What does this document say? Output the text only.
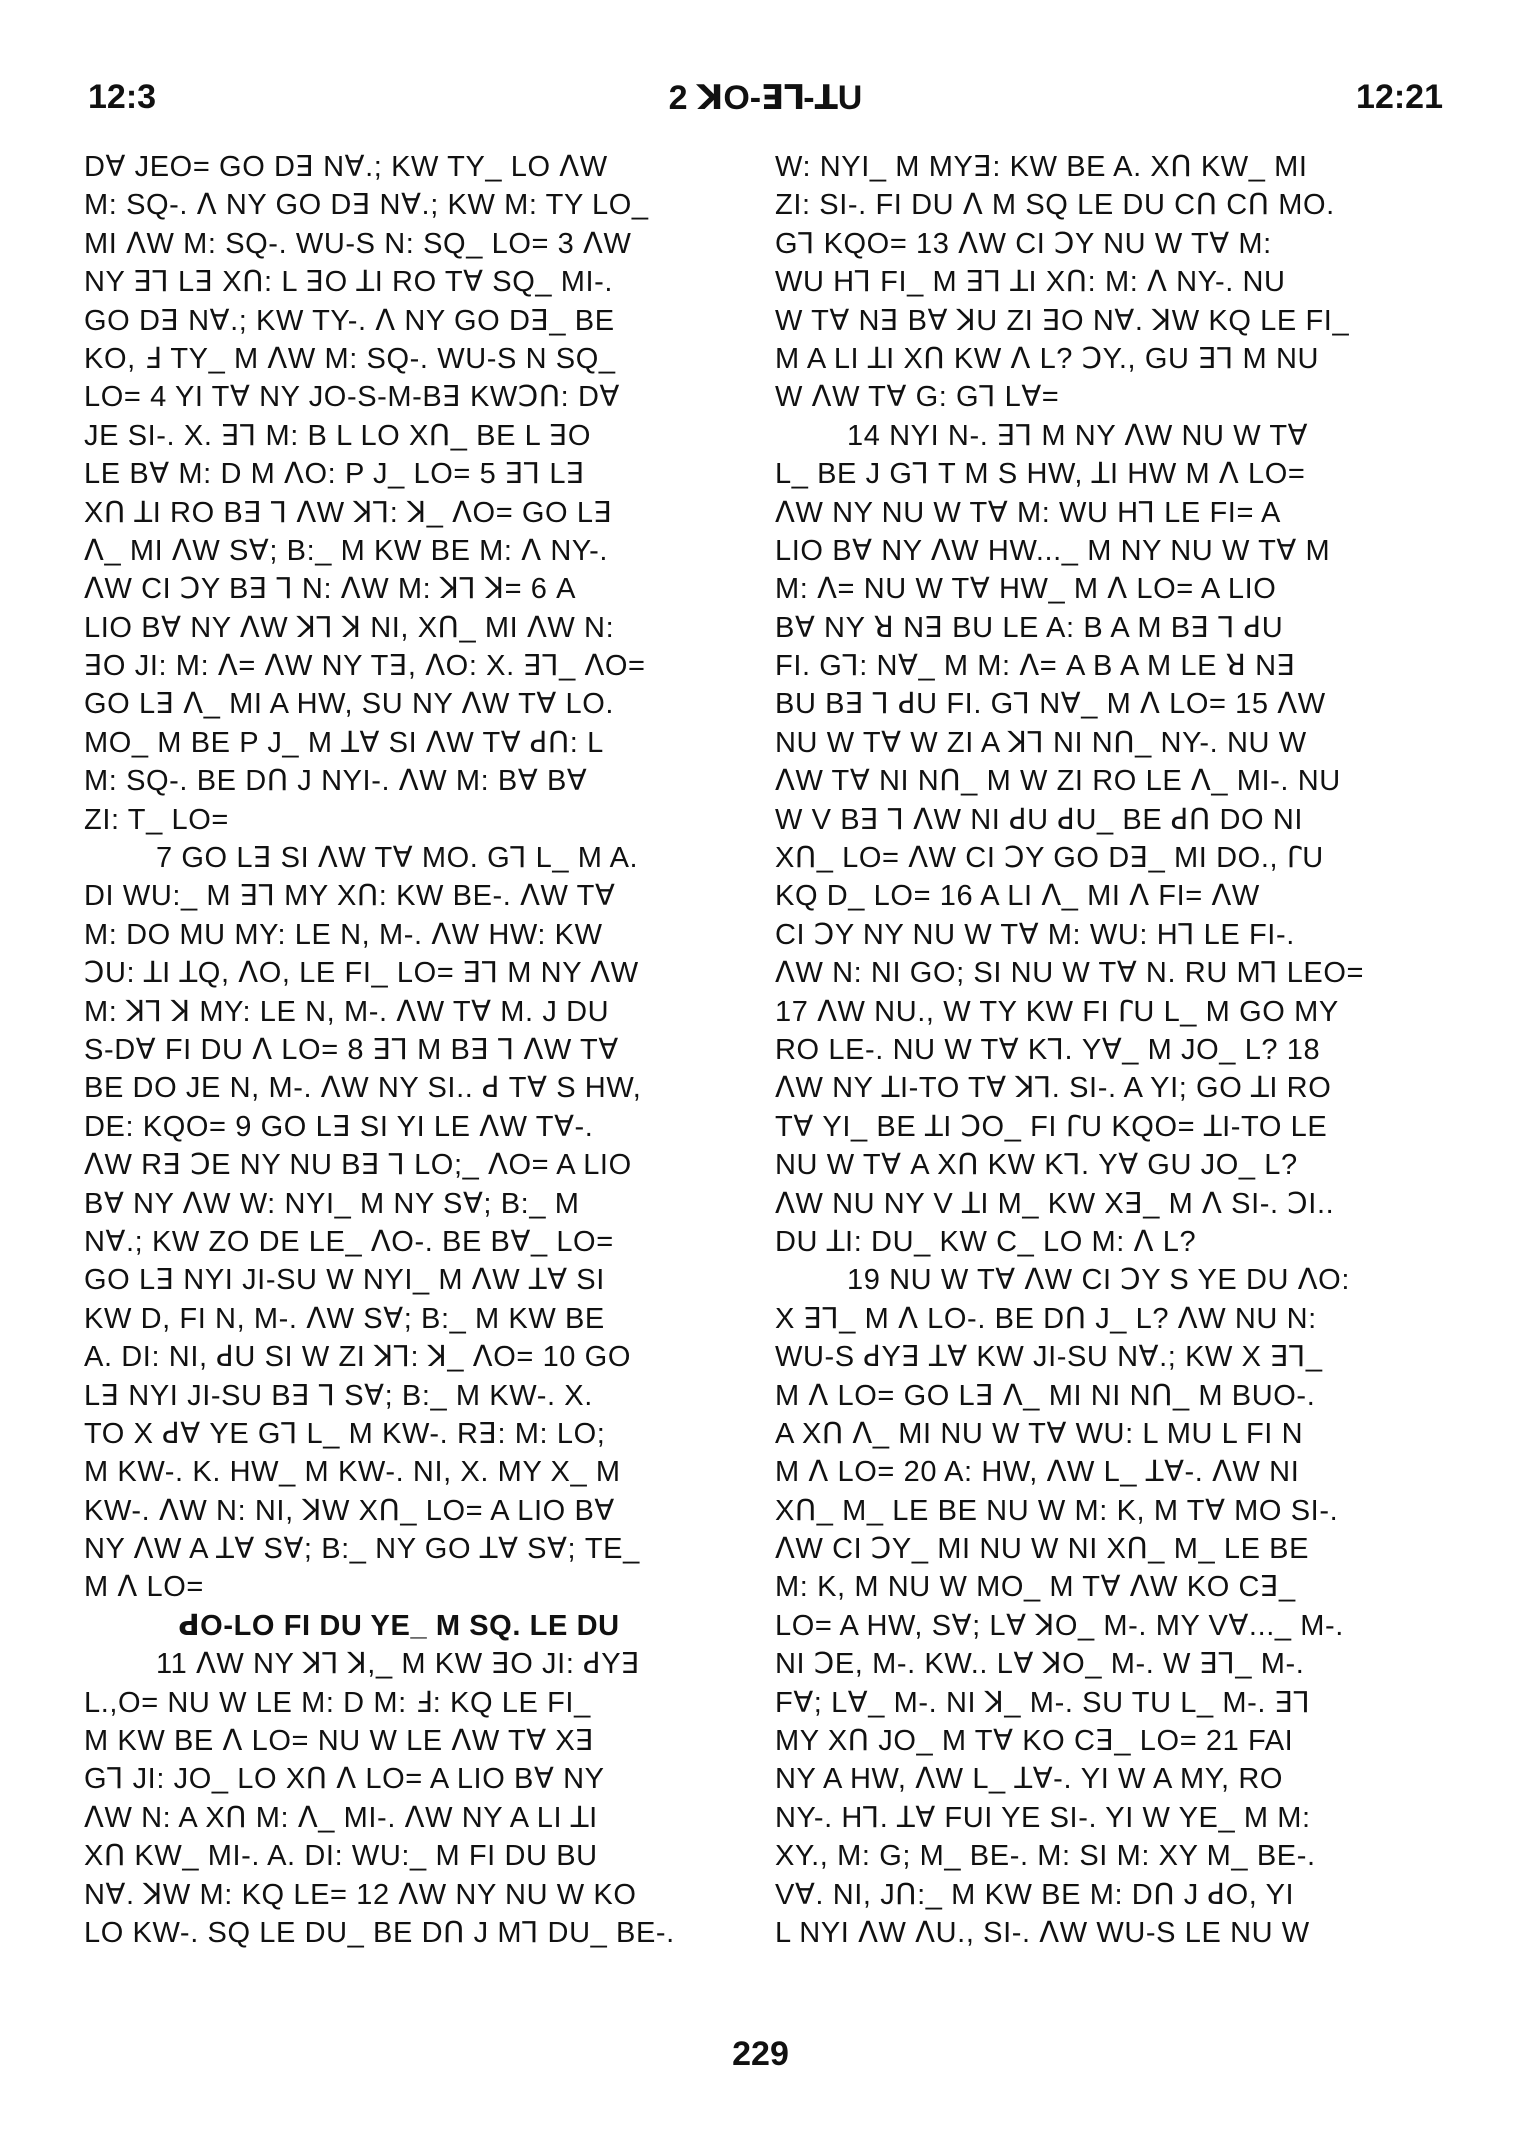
12:3	2 ꓘO-ꓱꓶ-ꓕU	12:21
Dꓯ JEO= GO Dꓱ Nꓯ.; KW TY_ LO ꓥW
M: SQ-. ꓥ NY GO Dꓱ Nꓯ.; KW M: TY LO_
MI ꓥW M: SQ-. WU-S N: SQ_ LO= 3 ꓥW
NY ꓱꓶ Lꓱ Xꓵ: L ꓱO ꓕI RO Tꓯ SQ_ MI-.
GO Dꓱ Nꓯ.; KW TY-. ꓥ NY GO Dꓱ_ BE
KO, ꓞ TY_ M ꓥW M: SQ-. WU-S N SQ_
LO= 4 YI Tꓯ NY JO-S-M-Bꓱ KWꓛꓵ: Dꓯ
JE SI-. X. ꓱꓶ M: B L LO Xꓵ_ BE L ꓱO
LE Bꓯ M: D M ꓥO: P J_ LO= 5 ꓱꓶ Lꓱ
Xꓵ ꓕI RO Bꓱ ꓶ ꓥW ꓘꓶ: ꓘ_ ꓥO= GO Lꓱ
ꓥ_ MI ꓥW Sꓯ; B:_ M KW BE M: ꓥ NY-.
ꓥW CI ꓛY Bꓱ ꓶ N: ꓥW M: ꓘꓶ ꓘ= 6 A
LIO Bꓯ NY ꓥW ꓘꓶ ꓘ NI, Xꓵ_ MI ꓥW N:
ꓱO JI: M: ꓥ= ꓥW NY Tꓱ, ꓥO: X. ꓱꓶ_ ꓥO=
GO Lꓱ ꓥ_ MI A HW, SU NY ꓥW Tꓯ LO.
MO_ M BE P J_ M ꓕꓯ SI ꓥW Tꓯ ꓒꓵ: L
M: SQ-. BE Dꓵ J NYI-. ꓥW M: Bꓯ Bꓯ
ZI: T_ LO=
7 GO Lꓱ SI ꓥW Tꓯ MO. Gꓶ L_ M A.
DI WU:_ M ꓱꓶ MY Xꓵ: KW BE-. ꓥW Tꓯ
M: DO MU MY: LE N, M-. ꓥW HW: KW
ꓛU: ꓕI ꓕQ, ꓥO, LE FI_ LO= ꓱꓶ M NY ꓥW
M: ꓘꓶ ꓘ MY: LE N, M-. ꓥW Tꓯ M. J DU
S-Dꓯ FI DU ꓥ LO= 8 ꓱꓶ M Bꓱ ꓶ ꓥW Tꓯ
BE DO JE N, M-. ꓥW NY SI.. ꓒ Tꓯ S HW,
DE: KQO= 9 GO Lꓱ SI YI LE ꓥW Tꓯ-.
ꓥW Rꓱ ꓛE NY NU Bꓱ ꓶ LO;_ ꓥO= A LIO
Bꓯ NY ꓥW W: NYI_ M NY Sꓯ; B:_ M
Nꓯ.; KW ZO DE LE_ ꓥO-. BE Bꓯ_ LO=
GO Lꓱ NYI JI-SU W NYI_ M ꓥW ꓕꓯ SI
KW D, FI N, M-. ꓥW Sꓯ; B:_ M KW BE
A. DI: NI, ꓒU SI W ZI ꓘꓶ: ꓘ_ ꓥO= 10 GO
Lꓱ NYI JI-SU Bꓱ ꓶ Sꓯ; B:_ M KW-. X.
TO X ꓒꓯ YE Gꓶ L_ M KW-. Rꓱ: M: LO;
M KW-. K. HW_ M KW-. NI, X. MY X_ M
KW-. ꓥW N: NI, ꓘW Xꓵ_ LO= A LIO Bꓯ
NY ꓥW A ꓕꓯ Sꓯ; B:_ NY GO ꓕꓯ Sꓯ; TE_
M ꓥ LO=
ꓒO-LO FI DU YE_ M SQ. LE DU
11 ꓥW NY ꓘꓶ ꓘ,_ M KW ꓱO JI: ꓒYꓱ
L.,O= NU W LE M: D M: ꓞ: KQ LE FI_
M KW BE ꓥ LO= NU W LE ꓥW Tꓯ Xꓱ
Gꓶ JI: JO_ LO Xꓵ ꓥ LO= A LIO Bꓯ NY
ꓥW N: A Xꓵ M: ꓥ_ MI-. ꓥW NY A LI ꓕI
Xꓵ KW_ MI-. A. DI: WU:_ M FI DU BU
Nꓯ. ꓘW M: KQ LE= 12 ꓥW NY NU W KO
LO KW-. SQ LE DU_ BE Dꓵ J Mꓶ DU_ BE-.
W: NYI_ M MYꓱ: KW BE A. Xꓵ KW_ MI
ZI: SI-. FI DU ꓥ M SQ LE DU Cꓵ Cꓵ MO.
Gꓶ KQO= 13 ꓥW CI ꓛY NU W Tꓯ M:
WU Hꓶ FI_ M ꓱꓶ ꓕI Xꓵ: M: ꓥ NY-. NU
W Tꓯ Nꓱ Bꓯ ꓘU ZI ꓱO Nꓯ. ꓘW KQ LE FI_
M A LI ꓕI Xꓵ KW ꓥ L? ꓛY., GU ꓱꓶ M NU
W ꓥW Tꓯ G: Gꓶ Lꓯ=
14 NYI N-. ꓱꓶ M NY ꓥW NU W Tꓯ
L_ BE J Gꓶ T M S HW, ꓕI HW M ꓥ LO=
ꓥW NY NU W Tꓯ M: WU Hꓶ LE FI= A
LIO Bꓯ NY ꓥW HW..._ M NY NU W Tꓯ M
M: ꓥ= NU W Tꓯ HW_ M ꓥ LO= A LIO
Bꓯ NY ꓤ Nꓱ BU LE A: B A M Bꓱ ꓶ ꓒU
FI. Gꓶ: Nꓯ_ M M: ꓥ= A B A M LE ꓤ Nꓱ
BU Bꓱ ꓶ ꓒU FI. Gꓶ Nꓯ_ M ꓥ LO= 15 ꓥW
NU W Tꓯ W ZI A ꓘꓶ NI Nꓵ_ NY-. NU W
ꓥW Tꓯ NI Nꓵ_ M W ZI RO LE ꓥ_ MI-. NU
W V Bꓱ ꓶ ꓥW NI ꓒU ꓒU_ BE ꓒꓵ DO NI
Xꓵ_ LO= ꓥW CI ꓛY GO Dꓱ_ MI DO., ꓩU
KQ D_ LO= 16 A LI ꓥ_ MI ꓥ FI= ꓥW
CI ꓛY NY NU W Tꓯ M: WU: Hꓶ LE FI-.
ꓥW N: NI GO; SI NU W Tꓯ N. RU Mꓶ LEO=
17 ꓥW NU., W TY KW FI ꓩU L_ M GO MY
RO LE-. NU W Tꓯ Kꓶ. Yꓯ_ M JO_ L? 18
ꓥW NY ꓕI-TO Tꓯ ꓘꓶ. SI-. A YI; GO ꓕI RO
Tꓯ YI_ BE ꓕI ꓛO_ FI ꓩU KQO= ꓕI-TO LE
NU W Tꓯ A Xꓵ KW Kꓶ. Yꓯ GU JO_ L?
ꓥW NU NY V ꓕI M_ KW Xꓱ_ M ꓥ SI-. ꓛI..
DU ꓕI: DU_ KW C_ LO M: ꓥ L?
19 NU W Tꓯ ꓥW CI ꓛY S YE DU ꓥO:
X ꓱꓶ_ M ꓥ LO-. BE Dꓵ J_ L? ꓥW NU N:
WU-S ꓒYꓱ ꓕꓯ KW JI-SU Nꓯ.; KW X ꓱꓶ_
M ꓥ LO= GO Lꓱ ꓥ_ MI NI Nꓵ_ M BUO-.
A Xꓵ ꓥ_ MI NU W Tꓯ WU: L MU L FI N
M ꓥ LO= 20 A: HW, ꓥW L_ ꓕꓯ-. ꓥW NI
Xꓵ_ M_ LE BE NU W M: K, M Tꓯ MO SI-.
ꓥW CI ꓛY_ MI NU W NI Xꓵ_ M_ LE BE
M: K, M NU W MO_ M Tꓯ ꓥW KO Cꓱ_
LO= A HW, Sꓯ; Lꓯ ꓘO_ M-. MY Vꓯ..._ M-.
NI ꓛE, M-. KW.. Lꓯ ꓘO_ M-. W ꓱꓶ_ M-.
Fꓯ; Lꓯ_ M-. NI ꓘ_ M-. SU TU L_ M-. ꓱꓶ
MY Xꓵ JO_ M Tꓯ KO Cꓱ_ LO= 21 FAI
NY A HW, ꓥW L_ ꓕꓯ-. YI W A MY, RO
NY-. Hꓶ. ꓕꓯ FUI YE SI-. YI W YE_ M M:
XY., M: G; M_ BE-. M: SI M: XY M_ BE-.
Vꓯ. NI, Jꓵ:_ M KW BE M: Dꓵ J ꓒO, YI
L NYI ꓥW ꓥU., SI-. ꓥW WU-S LE NU W
229
